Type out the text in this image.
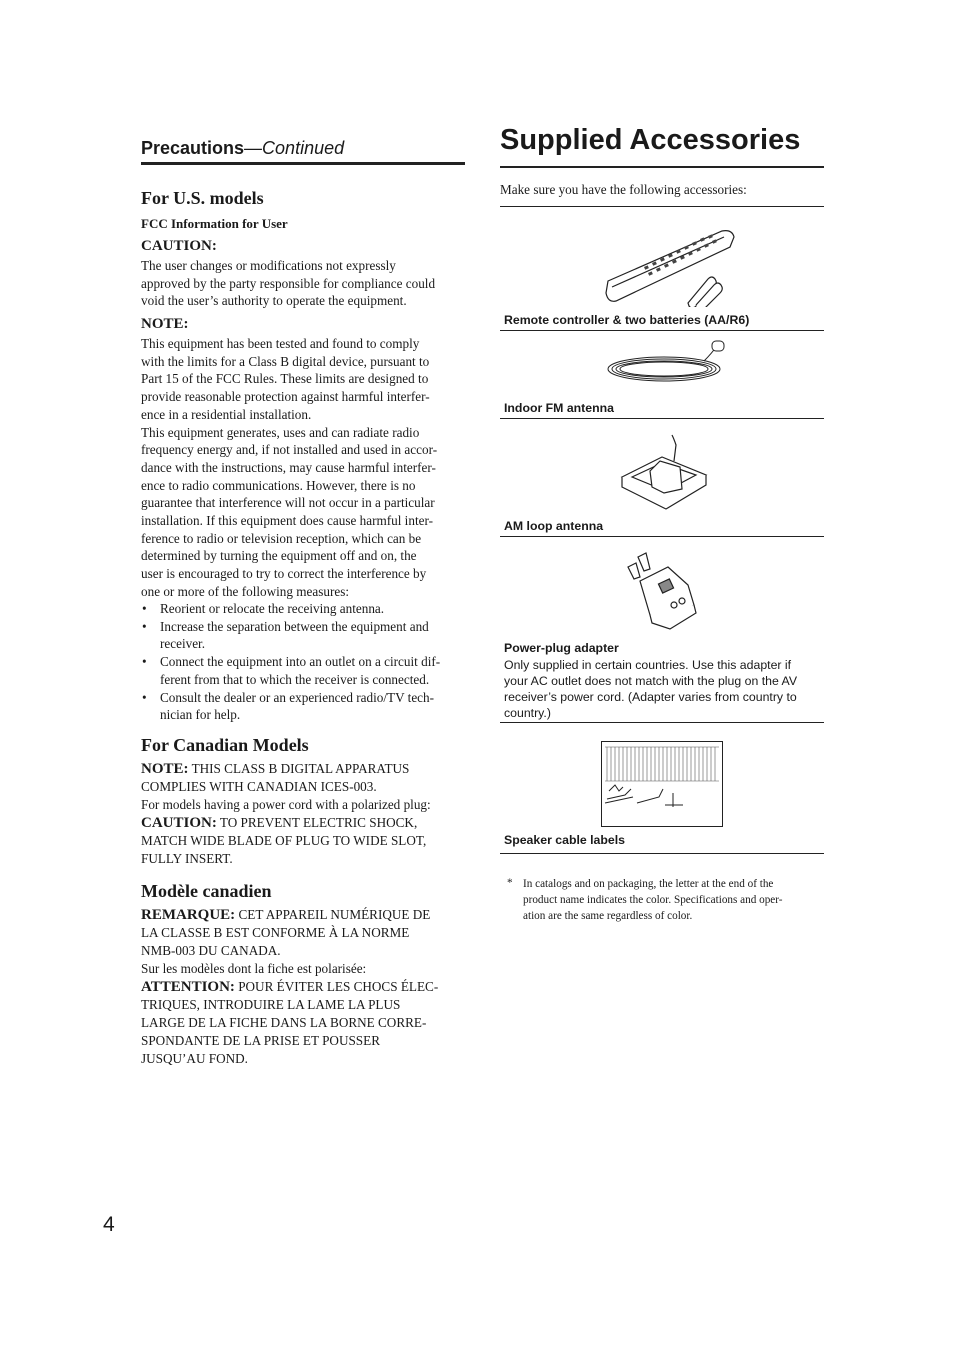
Precautions—Continued
For U.S. models
FCC Information for User
CAUTION:
The user changes or modifications not expressly
approved by the party responsible for compliance could
void the user’s authority to operate the equipment.
NOTE:
This equipment has been tested and found to comply
with the limits for a Class B digital device, pursuant to
Part 15 of the FCC Rules. These limits are designed to
provide reasonable protection against harmful interfer-
ence in a residential installation.
This equipment generates, uses and can radiate radio
frequency energy and, if not installed and used in accor-
dance with the instructions, may cause harmful interfer-
ence to radio communications. However, there is no
guarantee that interference will not occur in a particular
installation. If this equipment does cause harmful inter-
ference to radio or television reception, which can be
determined by turning the equipment off and on, the
user is encouraged to try to correct the interference by
one or more of the following measures:
• Reorient or relocate the receiving antenna.
• Increase the separation between the equipment and
receiver.
• Connect the equipment into an outlet on a circuit dif-
ferent from that to which the receiver is connected.
• Consult the dealer or an experienced radio/TV tech-
nician for help.
For Canadian Models
NOTE: THIS CLASS B DIGITAL APPARATUS
COMPLIES WITH CANADIAN ICES-003.
For models having a power cord with a polarized plug:
CAUTION: TO PREVENT ELECTRIC SHOCK,
MATCH WIDE BLADE OF PLUG TO WIDE SLOT,
FULLY INSERT.
Modèle canadien
REMARQUE: CET APPAREIL NUMÉRIQUE DE
LA CLASSE B EST CONFORME À LA NORME
NMB-003 DU CANADA.
Sur les modèles dont la fiche est polarisée:
ATTENTION: POUR ÉVITER LES CHOCS ÉLEC-
TRIQUES, INTRODUIRE LA LAME LA PLUS
LARGE DE LA FICHE DANS LA BORNE CORRE-
SPONDANTE DE LA PRISE ET POUSSER
JUSQU’AU FOND.
Supplied Accessories
Make sure you have the following accessories:
Remote controller & two batteries (AA/R6)
Indoor FM antenna
AM loop antenna
Power-plug adapter
Only supplied in certain countries. Use this adapter if
your AC outlet does not match with the plug on the AV
receiver’s power cord. (Adapter varies from country to
country.)
Speaker cable labels
* In catalogs and on packaging, the letter at the end of the
product name indicates the color. Specifications and oper-
ation are the same regardless of color.
4
